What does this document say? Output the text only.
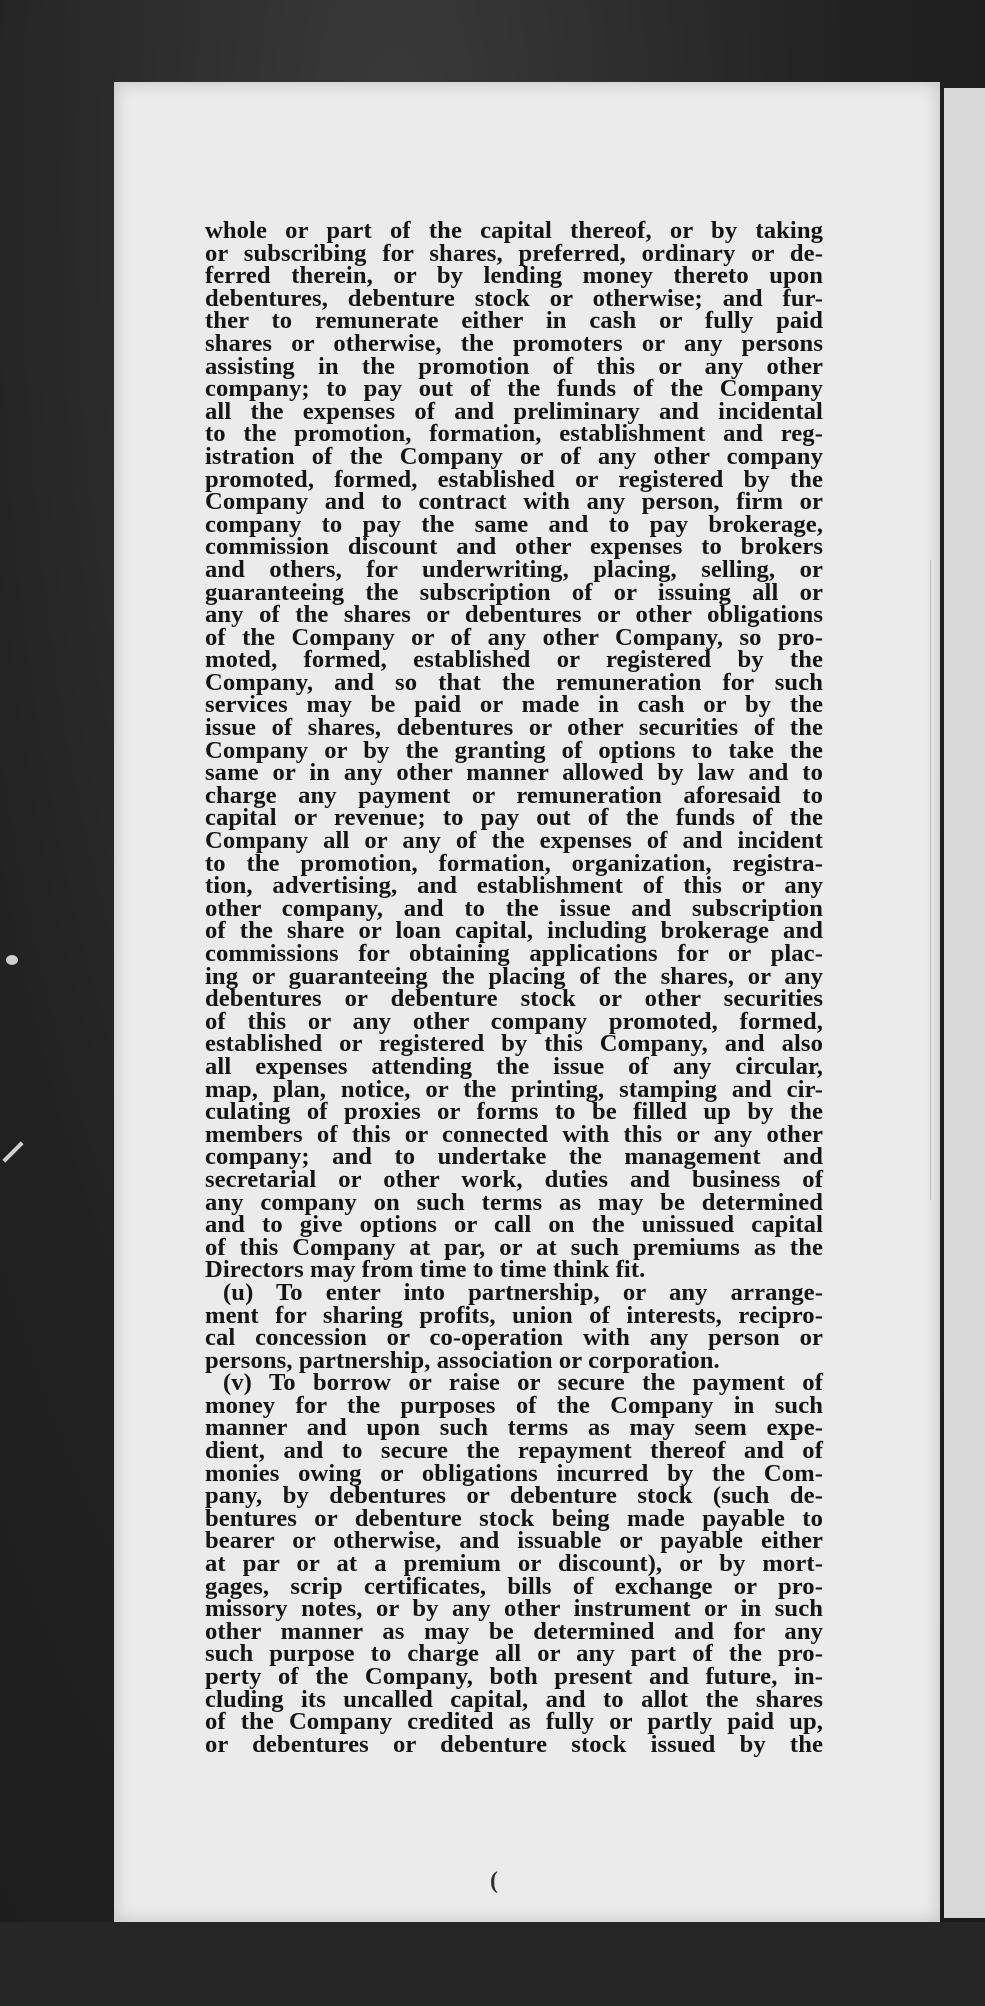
whole or part of the capital thereof, or by taking
or subscribing for shares, preferred, ordinary or de-
ferred therein, or by lending money thereto upon
debentures, debenture stock or otherwise; and fur-
ther to remunerate either in cash or fully paid
shares or otherwise, the promoters or any persons
assisting in the promotion of this or any other
company; to pay out of the funds of the Company
all the expenses of and preliminary and incidental
to the promotion, formation, establishment and reg-
istration of the Company or of any other company
promoted, formed, established or registered by the
Company and to contract with any person, firm or
company to pay the same and to pay brokerage,
commission discount and other expenses to brokers
and others, for underwriting, placing, selling, or
guaranteeing the subscription of or issuing all or
any of the shares or debentures or other obligations
of the Company or of any other Company, so pro-
moted, formed, established or registered by the
Company, and so that the remuneration for such
services may be paid or made in cash or by the
issue of shares, debentures or other securities of the
Company or by the granting of options to take the
same or in any other manner allowed by law and to
charge any payment or remuneration aforesaid to
capital or revenue; to pay out of the funds of the
Company all or any of the expenses of and incident
to the promotion, formation, organization, registra-
tion, advertising, and establishment of this or any
other company, and to the issue and subscription
of the share or loan capital, including brokerage and
commissions for obtaining applications for or plac-
ing or guaranteeing the placing of the shares, or any
debentures or debenture stock or other securities
of this or any other company promoted, formed,
established or registered by this Company, and also
all expenses attending the issue of any circular,
map, plan, notice, or the printing, stamping and cir-
culating of proxies or forms to be filled up by the
members of this or connected with this or any other
company; and to undertake the management and
secretarial or other work, duties and business of
any company on such terms as may be determined
and to give options or call on the unissued capital
of this Company at par, or at such premiums as the
Directors may from time to time think fit.
(u) To enter into partnership, or any arrange-
ment for sharing profits, union of interests, recipro-
cal concession or co-operation with any person or
persons, partnership, association or corporation.
(v) To borrow or raise or secure the payment of
money for the purposes of the Company in such
manner and upon such terms as may seem expe-
dient, and to secure the repayment thereof and of
monies owing or obligations incurred by the Com-
pany, by debentures or debenture stock (such de-
bentures or debenture stock being made payable to
bearer or otherwise, and issuable or payable either
at par or at a premium or discount), or by mort-
gages, scrip certificates, bills of exchange or pro-
missory notes, or by any other instrument or in such
other manner as may be determined and for any
such purpose to charge all or any part of the pro-
perty of the Company, both present and future, in-
cluding its uncalled capital, and to allot the shares
of the Company credited as fully or partly paid up,
or debentures or debenture stock issued by the
(
